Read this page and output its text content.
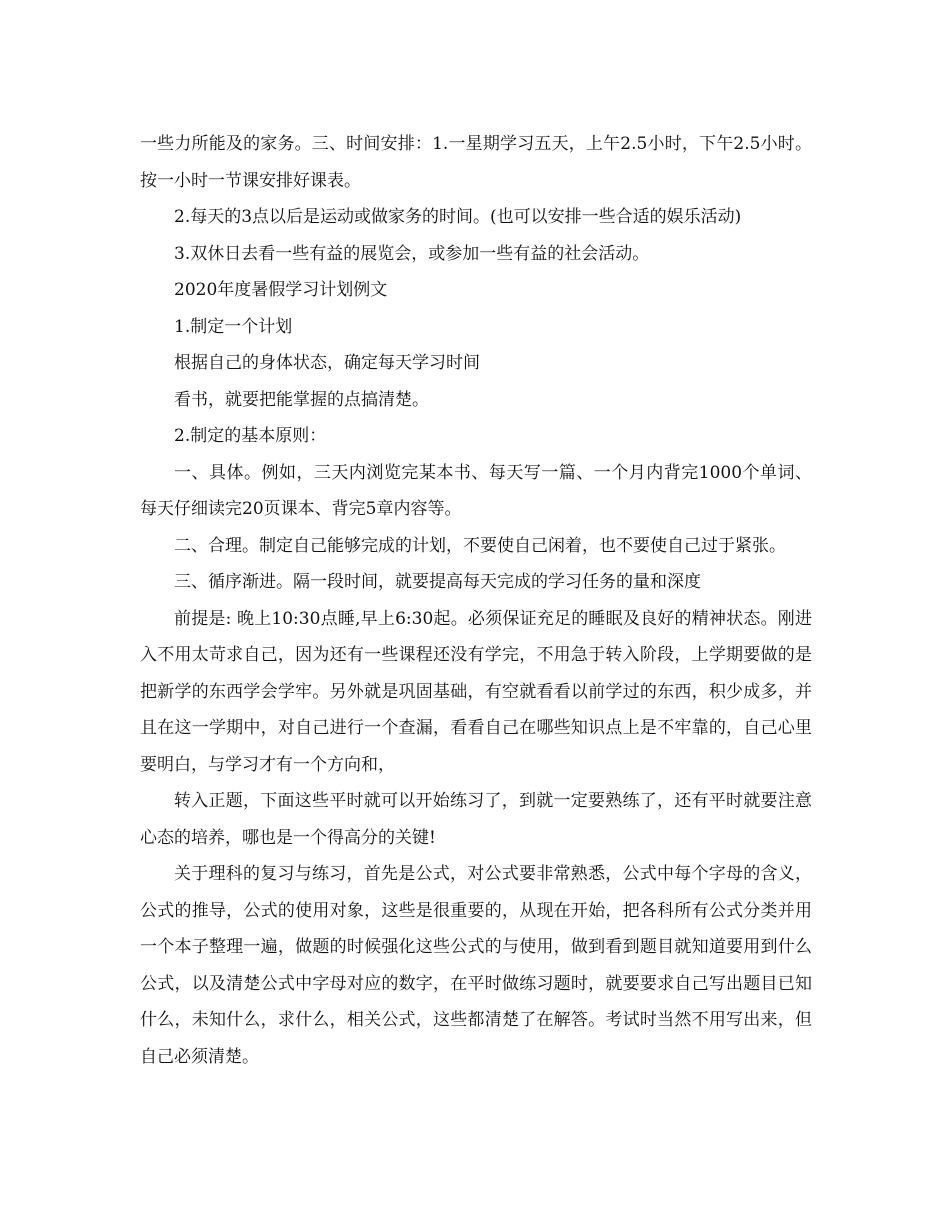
一些力所能及的家务。三、时间安排：1.一星期学习五天，上午2.5小时，下午2.5小时。按一小时一节课安排好课表。

2.每天的3点以后是运动或做家务的时间。(也可以安排一些合适的娱乐活动)

3.双休日去看一些有益的展览会，或参加一些有益的社会活动。

2020年度暑假学习计划例文

1.制定一个计划

根据自己的身体状态，确定每天学习时间

看书，就要把能掌握的点搞清楚。

2.制定的基本原则：

一、具体。例如，三天内浏览完某本书、每天写一篇、一个月内背完1000个单词、每天仔细读完20页课本、背完5章内容等。

二、合理。制定自己能够完成的计划，不要使自己闲着，也不要使自己过于紧张。

三、循序渐进。隔一段时间，就要提高每天完成的学习任务的量和深度

前提是: 晚上10:30点睡,早上6:30起。必须保证充足的睡眠及良好的精神状态。刚进入不用太苛求自己，因为还有一些课程还没有学完，不用急于转入阶段，上学期要做的是把新学的东西学会学牢。另外就是巩固基础，有空就看看以前学过的东西，积少成多，并且在这一学期中，对自己进行一个查漏，看看自己在哪些知识点上是不牢靠的，自己心里要明白，与学习才有一个方向和，

转入正题，下面这些平时就可以开始练习了，到就一定要熟练了，还有平时就要注意心态的培养，哪也是一个得高分的关键!

关于理科的复习与练习，首先是公式，对公式要非常熟悉，公式中每个字母的含义，公式的推导，公式的使用对象，这些是很重要的，从现在开始，把各科所有公式分类并用一个本子整理一遍，做题的时候强化这些公式的与使用，做到看到题目就知道要用到什么公式，以及清楚公式中字母对应的数字，在平时做练习题时，就要要求自己写出题目已知什么，未知什么，求什么，相关公式，这些都清楚了在解答。考试时当然不用写出来，但自己必须清楚。
